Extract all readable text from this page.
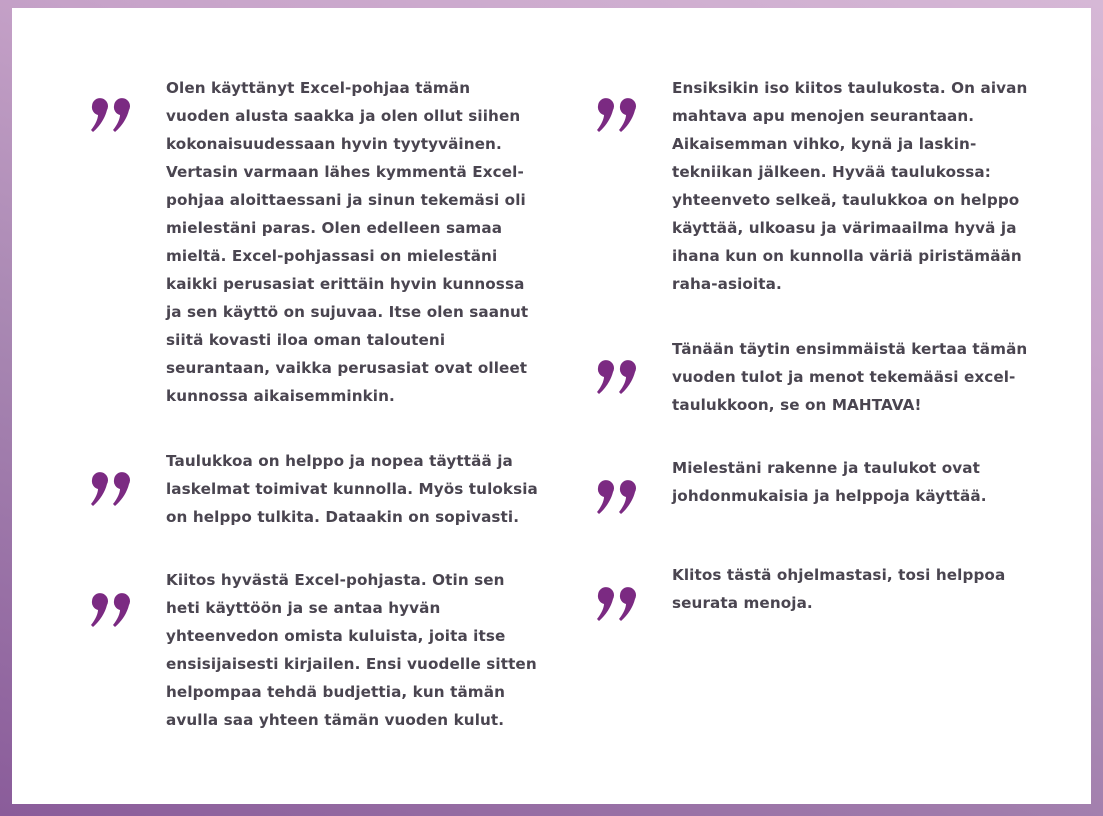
Olen käyttänyt Excel-pohjaa tämän vuoden alusta saakka ja olen ollut siihen kokonaisuudessaan hyvin tyytyväinen. Vertasin varmaan lähes kymmentä Excel-pohjaa aloittaessani ja sinun tekemäsi oli mielestäni paras. Olen edelleen samaa mieltä. Excel-pohjassasi on mielestäni kaikki perusasiat erittäin hyvin kunnossa ja sen käyttö on sujuvaa. Itse olen saanut siitä kovasti iloa oman talouteni seurantaan, vaikka perusasiat ovat olleet kunnossa aikaisemminkin.

Taulukkoa on helppo ja nopea täyttää ja laskelmat toimivat kunnolla. Myös tuloksia on helppo tulkita. Dataakin on sopivasti.

Kiitos hyvästä Excel-pohjasta. Otin sen heti käyttöön ja se antaa hyvän yhteenvedon omista kuluista, joita itse ensisijaisesti kirjailen. Ensi vuodelle sitten helpompaa tehdä budjettia, kun tämän avulla saa yhteen tämän vuoden kulut.

Ensiksikin iso kiitos taulukosta. On aivan mahtava apu menojen seurantaan. Aikaisemman vihko, kynä ja laskin-tekniikan jälkeen. Hyvää taulukossa: yhteenveto selkeä, taulukkoa on helppo käyttää, ulkoasu ja värimaailma hyvä ja ihana kun on kunnolla väriä piristämään raha-asioita.

Tänään täytin ensimmäistä kertaa tämän vuoden tulot ja menot tekemääsi excel-taulukkoon, se on MAHTAVA!

Mielestäni rakenne ja taulukot ovat johdonmukaisia ja helppoja käyttää.

Klitos tästä ohjelmastasi, tosi helppoa seurata menoja.
